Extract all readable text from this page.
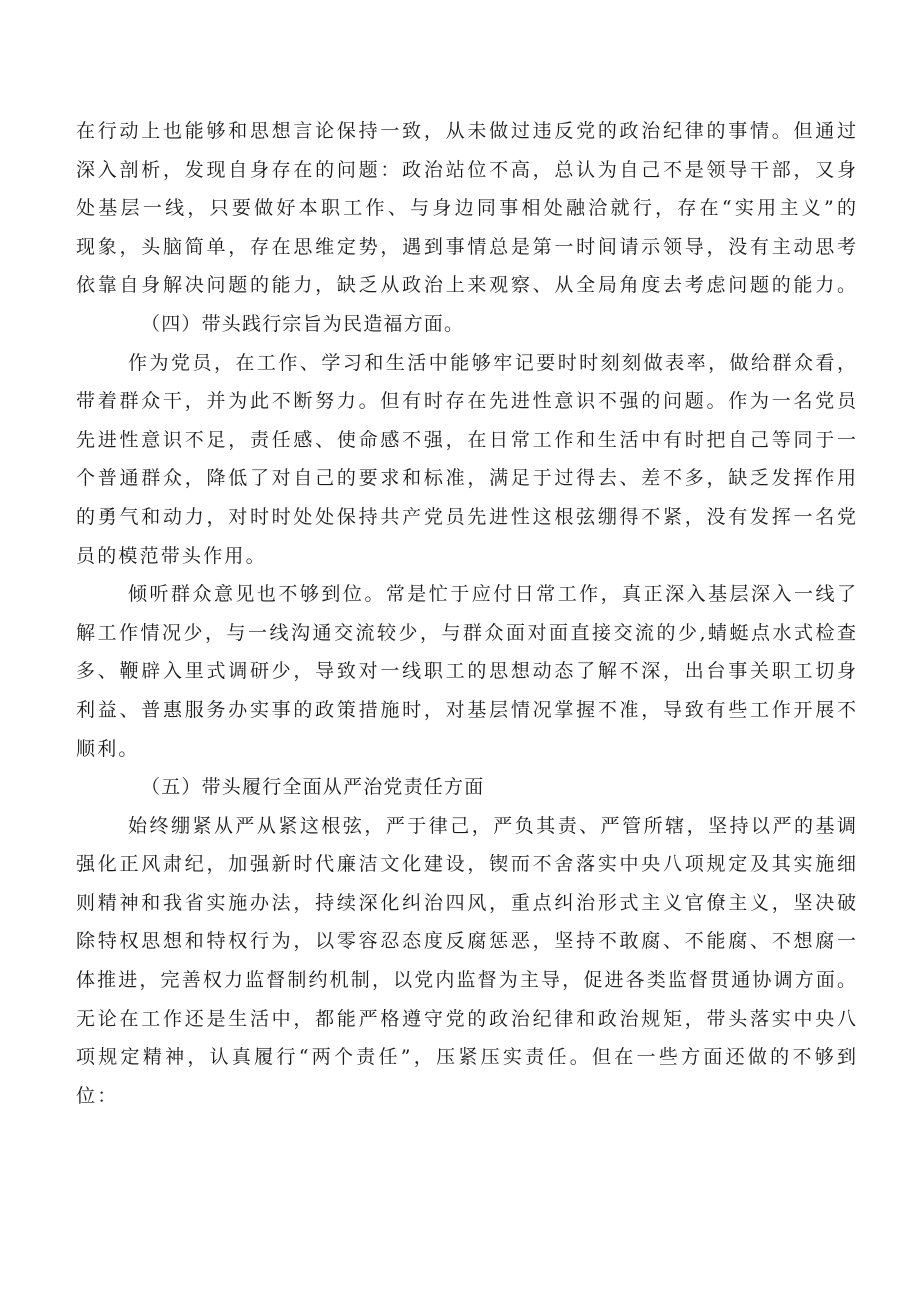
在行动上也能够和思想言论保持一致，从未做过违反党的政治纪律的事情。但通过
深入剖析，发现自身存在的问题：政治站位不高，总认为自己不是领导干部，又身
处基层一线，只要做好本职工作、与身边同事相处融洽就行，存在“实用主义”的
现象，头脑简单，存在思维定势，遇到事情总是第一时间请示领导，没有主动思考
依靠自身解决问题的能力，缺乏从政治上来观察、从全局角度去考虑问题的能力。
（四）带头践行宗旨为民造福方面。
作为党员，在工作、学习和生活中能够牢记要时时刻刻做表率，做给群众看，
带着群众干，并为此不断努力。但有时存在先进性意识不强的问题。作为一名党员
先进性意识不足，责任感、使命感不强，在日常工作和生活中有时把自己等同于一
个普通群众，降低了对自己的要求和标准，满足于过得去、差不多，缺乏发挥作用
的勇气和动力，对时时处处保持共产党员先进性这根弦绷得不紧，没有发挥一名党
员的模范带头作用。
倾听群众意见也不够到位。常是忙于应付日常工作，真正深入基层深入一线了
解工作情况少，与一线沟通交流较少，与群众面对面直接交流的少,蜻蜓点水式检查
多、鞭辟入里式调研少，导致对一线职工的思想动态了解不深，出台事关职工切身
利益、普惠服务办实事的政策措施时，对基层情况掌握不准，导致有些工作开展不
顺利。
（五）带头履行全面从严治党责任方面
始终绷紧从严从紧这根弦，严于律己，严负其责、严管所辖，坚持以严的基调
强化正风肃纪，加强新时代廉洁文化建设，锲而不舍落实中央八项规定及其实施细
则精神和我省实施办法，持续深化纠治四风，重点纠治形式主义官僚主义，坚决破
除特权思想和特权行为，以零容忍态度反腐惩恶，坚持不敢腐、不能腐、不想腐一
体推进，完善权力监督制约机制，以党内监督为主导，促进各类监督贯通协调方面。
无论在工作还是生活中，都能严格遵守党的政治纪律和政治规矩，带头落实中央八
项规定精神，认真履行“两个责任”，压紧压实责任。但在一些方面还做的不够到
位：
